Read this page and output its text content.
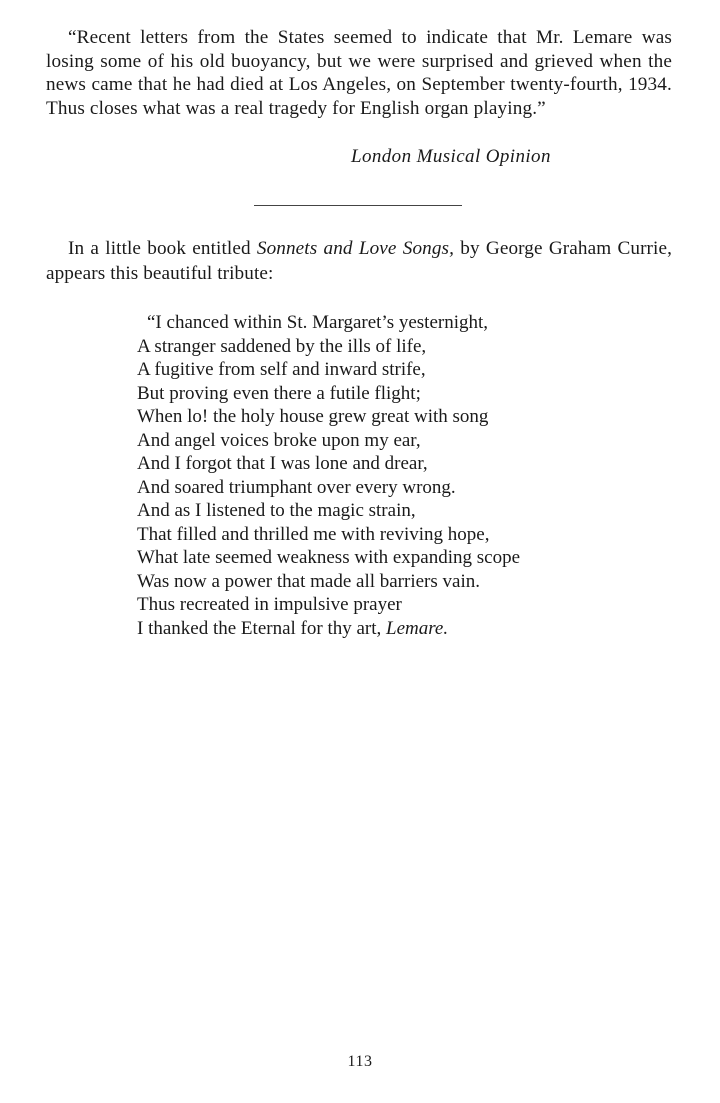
“Recent letters from the States seemed to indicate that Mr. Lemare was losing some of his old buoyancy, but we were surprised and grieved when the news came that he had died at Los Angeles, on September twenty-fourth, 1934. Thus closes what was a real tragedy for English organ playing.”
London Musical Opinion
In a little book entitled Sonnets and Love Songs, by George Graham Currie, appears this beautiful tribute:
“I chanced within St. Margaret’s yesternight,
A stranger saddened by the ills of life,
A fugitive from self and inward strife,
But proving even there a futile flight;
When lo! the holy house grew great with song
And angel voices broke upon my ear,
And I forgot that I was lone and drear,
And soared triumphant over every wrong.
And as I listened to the magic strain,
That filled and thrilled me with reviving hope,
What late seemed weakness with expanding scope
Was now a power that made all barriers vain.
Thus recreated in impulsive prayer
I thanked the Eternal for thy art, Lemare.
113
